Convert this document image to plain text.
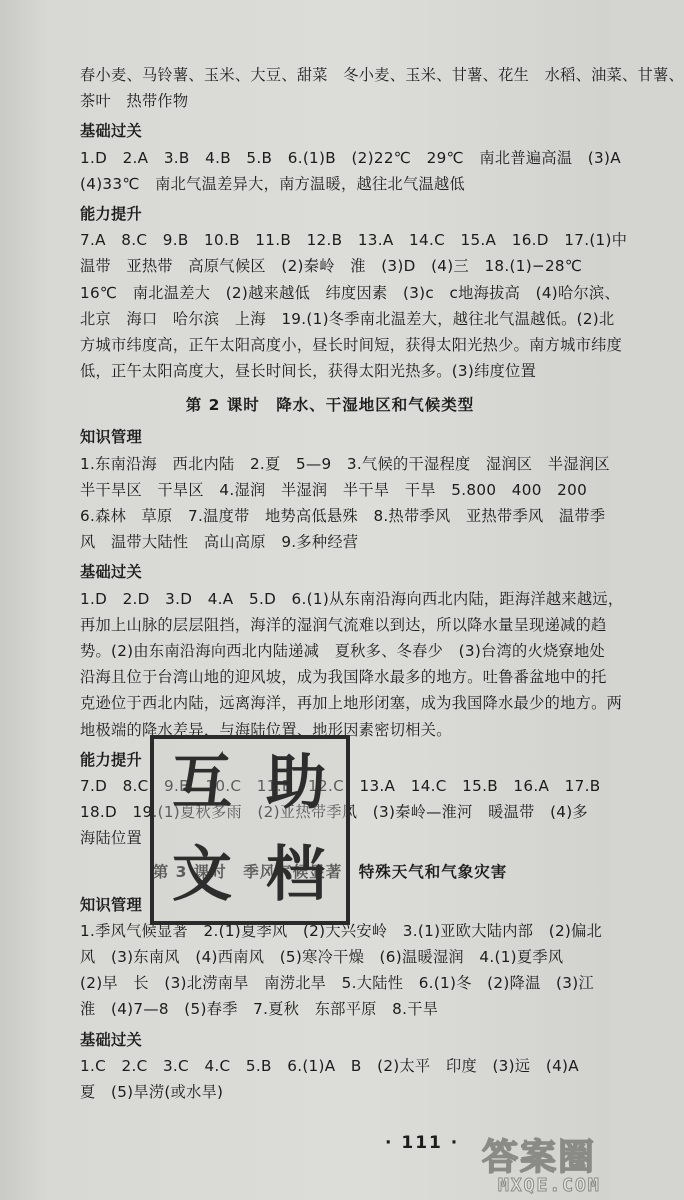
春小麦、马铃薯、玉米、大豆、甜菜　冬小麦、玉米、甘薯、花生　水稻、油菜、甘薯、
茶叶　热带作物
基础过关
1.D　2.A　3.B　4.B　5.B　6.(1)B　(2)22℃　29℃　南北普遍高温　(3)A
(4)33℃　南北气温差异大，南方温暖，越往北气温越低
能力提升
7.A　8.C　9.B　10.B　11.B　12.B　13.A　14.C　15.A　16.D　17.(1)中
温带　亚热带　高原气候区　(2)秦岭　淮　(3)D　(4)三　18.(1)−28℃
16℃　南北温差大　(2)越来越低　纬度因素　(3)c　c地海拔高　(4)哈尔滨、
北京　海口　哈尔滨　上海　19.(1)冬季南北温差大，越往北气温越低。(2)北
方城市纬度高，正午太阳高度小，昼长时间短，获得太阳光热少。南方城市纬度
低，正午太阳高度大，昼长时间长，获得太阳光热多。(3)纬度位置
第 2 课时　降水、干湿地区和气候类型
知识管理
1.东南沿海　西北内陆　2.夏　5—9　3.气候的干湿程度　湿润区　半湿润区
半干旱区　干旱区　4.湿润　半湿润　半干旱　干旱　5.800　400　200
6.森林　草原　7.温度带　地势高低悬殊　8.热带季风　亚热带季风　温带季
风　温带大陆性　高山高原　9.多种经营
基础过关
1.D　2.D　3.D　4.A　5.D　6.(1)从东南沿海向西北内陆，距海洋越来越远，
再加上山脉的层层阻挡，海洋的湿润气流难以到达，所以降水量呈现递减的趋
势。(2)由东南沿海向西北内陆递减　夏秋多、冬春少　(3)台湾的火烧寮地处
沿海且位于台湾山地的迎风坡，成为我国降水最多的地方。吐鲁番盆地中的托
克逊位于西北内陆，远离海洋，再加上地形闭塞，成为我国降水最少的地方。两
地极端的降水差异，与海陆位置、地形因素密切相关。
能力提升
7.D　8.C　9.B　10.C　11.B　12.C　13.A　14.C　15.B　16.A　17.B
18.D　19.(1)夏秋多雨　(2)亚热带季风　(3)秦岭—淮河　暖温带　(4)多
海陆位置
第 3 课时　季风气候显著　特殊天气和气象灾害
知识管理
1.季风气候显著　2.(1)夏季风　(2)大兴安岭　3.(1)亚欧大陆内部　(2)偏北
风　(3)东南风　(4)西南风　(5)寒冷干燥　(6)温暖湿润　4.(1)夏季风
(2)早　长　(3)北涝南旱　南涝北旱　5.大陆性　6.(1)冬　(2)降温　(3)江
淮　(4)7—8　(5)春季　7.夏秋　东部平原　8.干旱
基础过关
1.C　2.C　3.C　4.C　5.B　6.(1)A　B　(2)太平　印度　(3)远　(4)A
夏　(5)旱涝(或水旱)
互 助
文 档
· 111 · 答案圈
MXQE.COM
